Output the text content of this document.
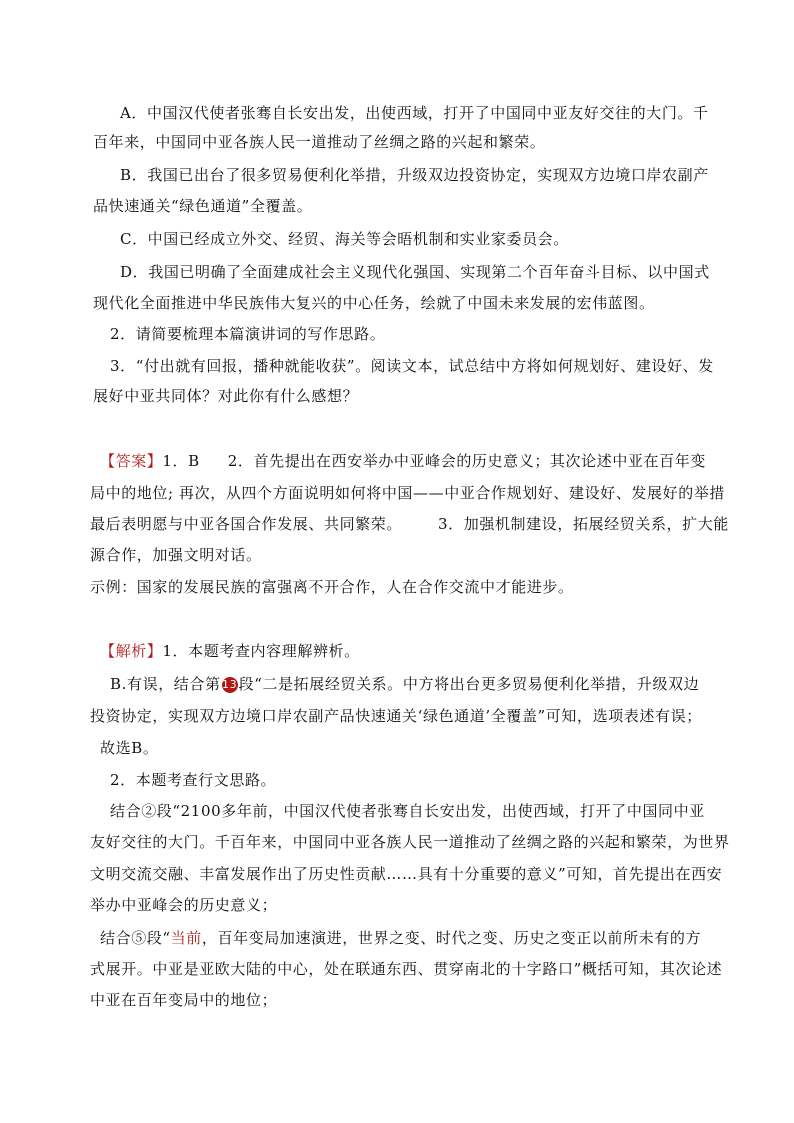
A．中国汉代使者张骞自长安出发，出使西域，打开了中国同中亚友好交往的大门。千
百年来，中国同中亚各族人民一道推动了丝绸之路的兴起和繁荣。
B．我国已出台了很多贸易便利化举措，升级双边投资协定，实现双方边境口岸农副产
品快速通关“绿色通道”全覆盖。
C．中国已经成立外交、经贸、海关等会晤机制和实业家委员会。
D．我国已明确了全面建成社会主义现代化强国、实现第二个百年奋斗目标、以中国式
现代化全面推进中华民族伟大复兴的中心任务，绘就了中国未来发展的宏伟蓝图。
2．请简要梳理本篇演讲词的写作思路。
3．“付出就有回报，播种就能收获”。阅读文本，试总结中方将如何规划好、建设好、发
展好中亚共同体？对此你有什么感想？
【答案】1．B 2．首先提出在西安举办中亚峰会的历史意义；其次论述中亚在百年变
局中的地位; 再次，从四个方面说明如何将中国——中亚合作规划好、建设好、发展好的举措
最后表明愿与中亚各国合作发展、共同繁荣。 3．加强机制建设，拓展经贸关系，扩大能
源合作，加强文明对话。
示例：国家的发展民族的富强离不开合作，人在合作交流中才能进步。
【解析】1．本题考查内容理解辨析。
B.有误，结合第13段“二是拓展经贸关系。中方将出台更多贸易便利化举措，升级双边
投资协定，实现双方边境口岸农副产品快速通关‘绿色通道’全覆盖”可知，选项表述有误；
故选B。
2．本题考查行文思路。
结合②段“2100多年前，中国汉代使者张骞自长安出发，出使西域，打开了中国同中亚
友好交往的大门。千百年来，中国同中亚各族人民一道推动了丝绸之路的兴起和繁荣，为世界
文明交流交融、丰富发展作出了历史性贡献……具有十分重要的意义”可知，首先提出在西安
举办中亚峰会的历史意义；
结合⑤段“当前，百年变局加速演进，世界之变、时代之变、历史之变正以前所未有的方
式展开。中亚是亚欧大陆的中心，处在联通东西、贯穿南北的十字路口”概括可知，其次论述
中亚在百年变局中的地位；
